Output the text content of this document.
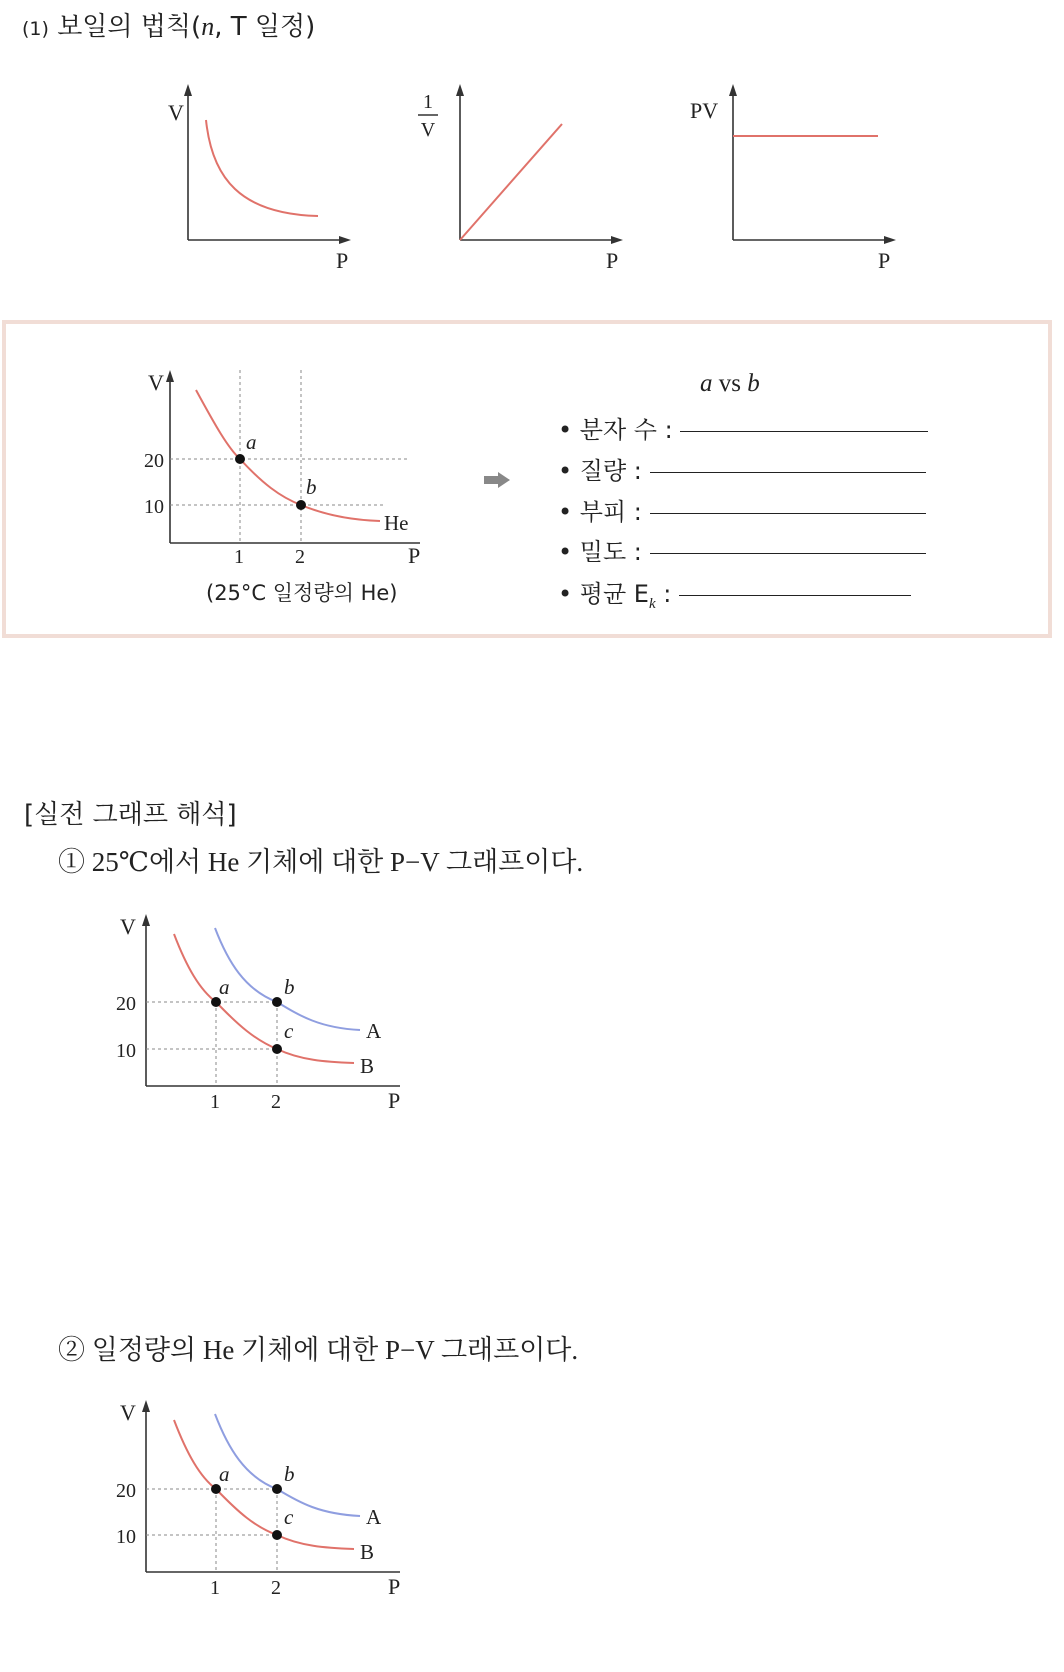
(1) 보일의 법칙(n, T 일정)
V
P
1
V
P
PV
P
V
P
20
10
1	2
a
b
He
(25°C 일정량의 He)
a vs b
• 분자 수 :
• 질량 :
• 부피 :
• 밀도 :
• 평균 $E_k$ :
[실전 그래프 해석]
① 25℃에서 He 기체에 대한 P−V 그래프이다.
V
P
20
10
1	2
a	b
c	A
B
② 일정량의 He 기체에 대한 P−V 그래프이다.
V
P
20
10
1	2
a	b
c	A
B
